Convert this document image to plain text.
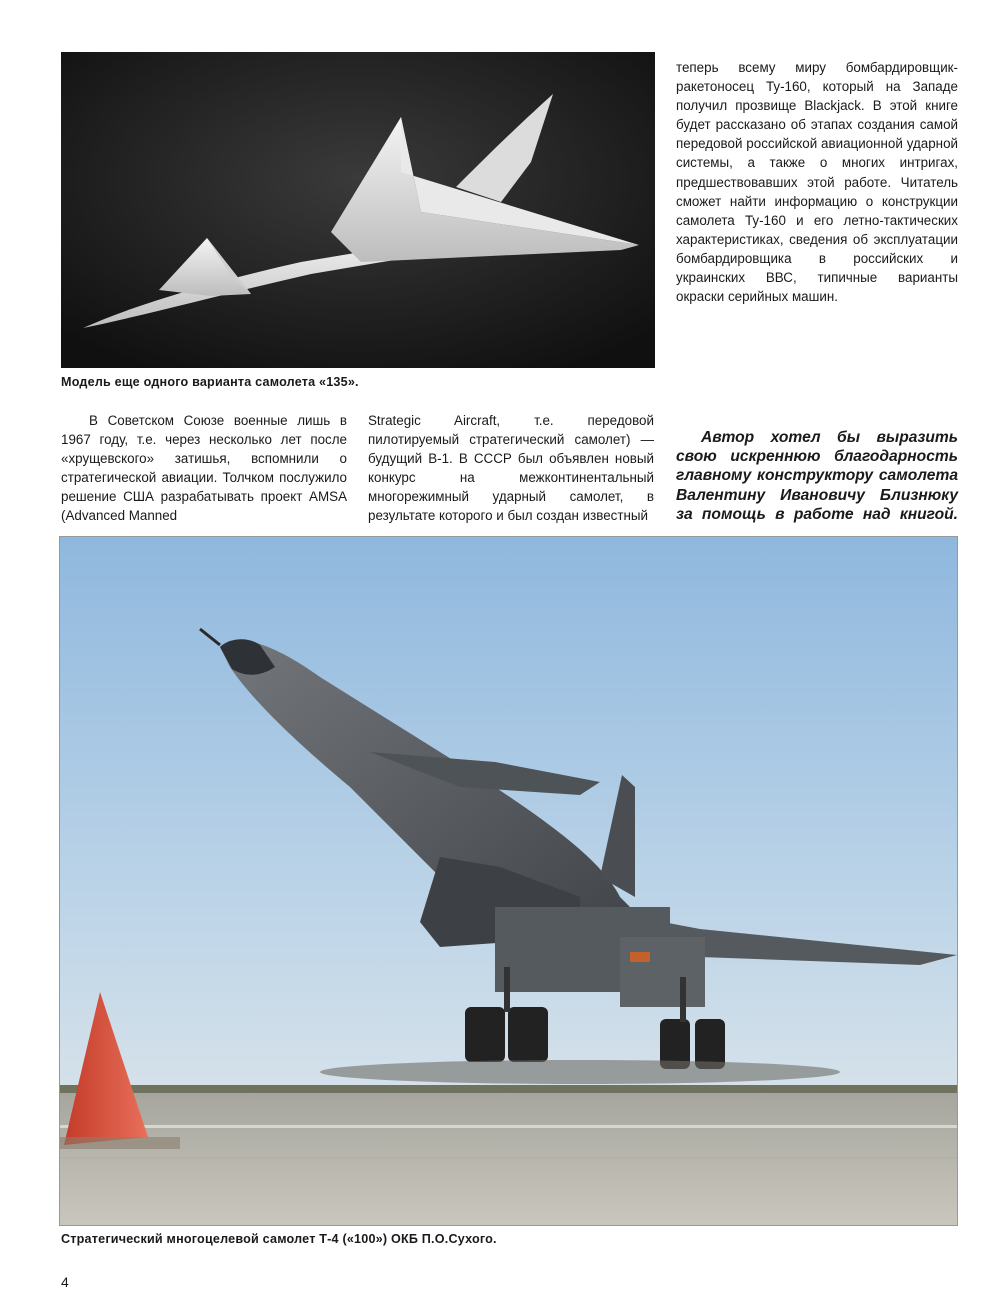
теперь всему миру бомбардировщик-ракетоносец Ту-160, который на Западе получил прозвище Blackjack. В этой книге будет рассказано об этапах создания самой передовой российской авиационной ударной системы, а также о многих интригах, предшествовавших этой работе. Читатель сможет найти информацию о конструкции самолета Ту-160 и его летно-тактических характеристиках, сведения об эксплуатации бомбардировщика в российских и украинских ВВС, типичные варианты окраски серийных машин.
Модель еще одного варианта самолета «135».
В Советском Союзе военные лишь в 1967 году, т.е. через несколько лет после «хрущевского» затишья, вспомнили о стратегической авиации. Толчком послужило решение США разрабатывать проект AMSA (Advanced Manned
Strategic Aircraft, т.е. передовой пилотируемый стратегический самолет) — будущий B-1. В СССР был объявлен новый конкурс на межконтинентальный многорежимный ударный самолет, в результате которого и был создан известный
Автор хотел бы выразить
свою искреннюю благодарность
главному конструктору самолета
Валентину Ивановичу Близнюку
за помощь в работе над книгой.
Стратегический многоцелевой самолет Т-4 («100») ОКБ П.О.Сухого.
4
